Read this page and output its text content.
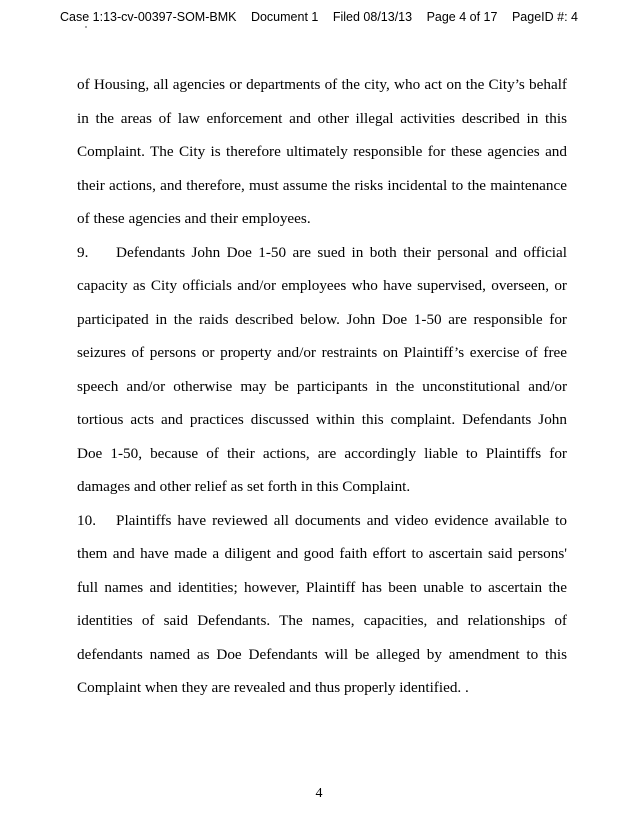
Case 1:13-cv-00397-SOM-BMK Document 1 Filed 08/13/13 Page 4 of 17 PageID #: 4

of Housing, all agencies or departments of the city, who act on the City’s behalf in the areas of law enforcement and other illegal activities described in this Complaint. The City is therefore ultimately responsible for these agencies and their actions, and therefore, must assume the risks incidental to the maintenance of these agencies and their employees.

9. Defendants John Doe 1-50 are sued in both their personal and official capacity as City officials and/or employees who have supervised, overseen, or participated in the raids described below. John Doe 1-50 are responsible for seizures of persons or property and/or restraints on Plaintiff’s exercise of free speech and/or otherwise may be participants in the unconstitutional and/or tortious acts and practices discussed within this complaint. Defendants John Doe 1-50, because of their actions, are accordingly liable to Plaintiffs for damages and other relief as set forth in this Complaint.

10. Plaintiffs have reviewed all documents and video evidence available to them and have made a diligent and good faith effort to ascertain said persons' full names and identities; however, Plaintiff has been unable to ascertain the identities of said Defendants. The names, capacities, and relationships of defendants named as Doe Defendants will be alleged by amendment to this Complaint when they are revealed and thus properly identified. .

4
